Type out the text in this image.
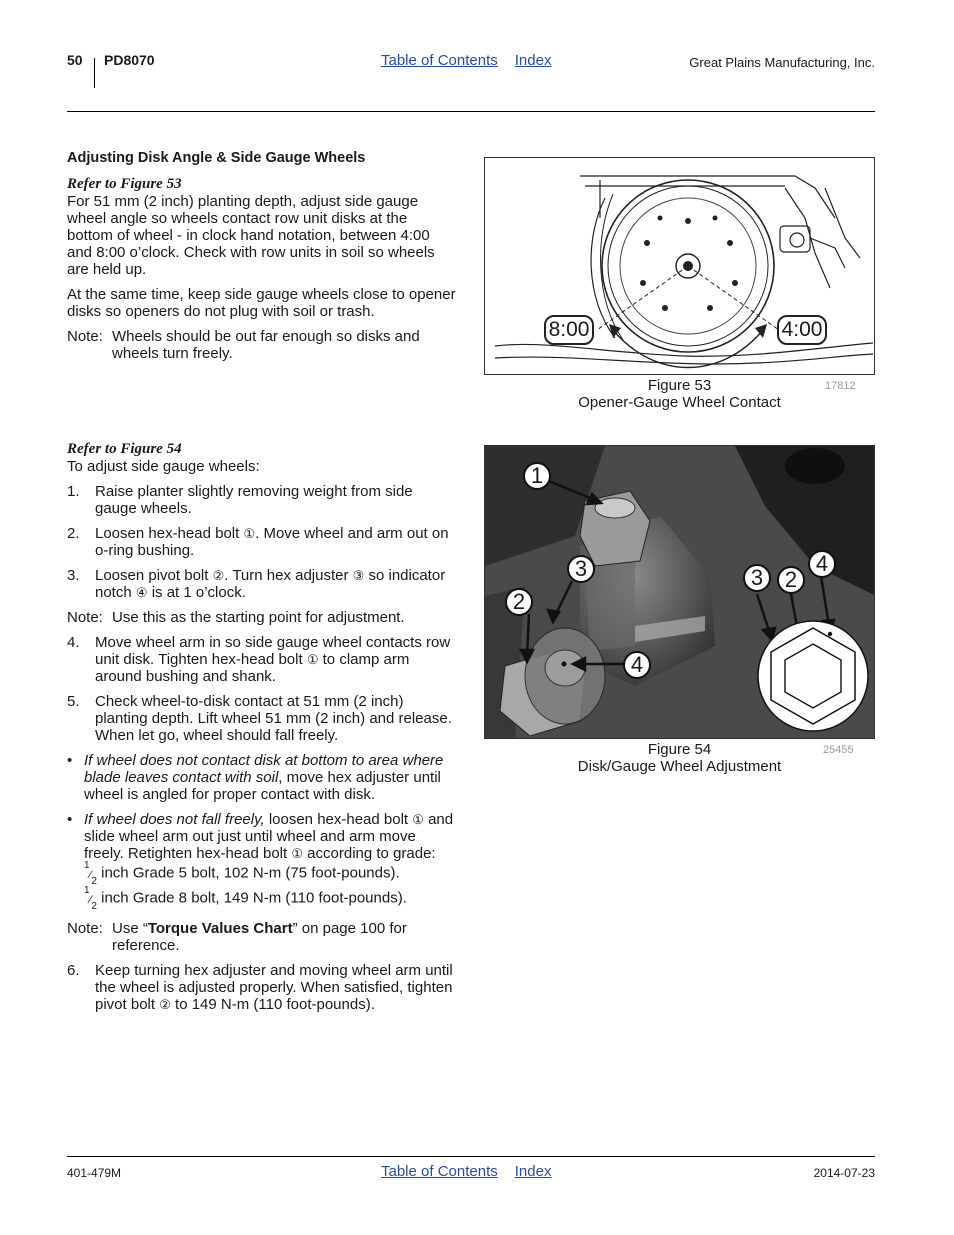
50 PD8070	Table of Contents Index	Great Plains Manufacturing, Inc.
Adjusting Disk Angle & Side Gauge Wheels
Refer to Figure 53
For 51 mm (2 inch) planting depth, adjust side gauge wheel angle so wheels contact row unit disks at the bottom of wheel - in clock hand notation, between 4:00 and 8:00 o’clock. Check with row units in soil so wheels are held up.
At the same time, keep side gauge wheels close to opener disks so openers do not plug with soil or trash.
Note: Wheels should be out far enough so disks and wheels turn freely.
Refer to Figure 54
To adjust side gauge wheels:
1.	Raise planter slightly removing weight from side gauge wheels.
2.	Loosen hex-head bolt ①. Move wheel and arm out on o-ring bushing.
3.	Loosen pivot bolt ②. Turn hex adjuster ③ so indicator notch ④ is at 1 o’clock.
Note: Use this as the starting point for adjustment.
4.	Move wheel arm in so side gauge wheel contacts row unit disk. Tighten hex-head bolt ① to clamp arm around bushing and shank.
5.	Check wheel-to-disk contact at 51 mm (2 inch) planting depth. Lift wheel 51 mm (2 inch) and release. When let go, wheel should fall freely.
• If wheel does not contact disk at bottom to area where blade leaves contact with soil, move hex adjuster until wheel is angled for proper contact with disk.
• If wheel does not fall freely, loosen hex-head bolt ① and slide wheel arm out just until wheel and arm move freely. Retighten hex-head bolt ① according to grade:
$^1⁄_2$ inch Grade 5 bolt, 102 N-m (75 foot-pounds).
$^1⁄_2$ inch Grade 8 bolt, 149 N-m (110 foot-pounds).
Note: Use “Torque Values Chart” on page 100 for reference.
6.	Keep turning hex adjuster and moving wheel arm until the wheel is adjusted properly. When satisfied, tighten pivot bolt ② to 149 N-m (110 foot-pounds).
8:00	4:00
Figure 53
Opener-Gauge Wheel Contact
17812
1
3
2
4
3 2
4
Figure 54
Disk/Gauge Wheel Adjustment
25455
401-479M	Table of Contents Index	2014-07-23
